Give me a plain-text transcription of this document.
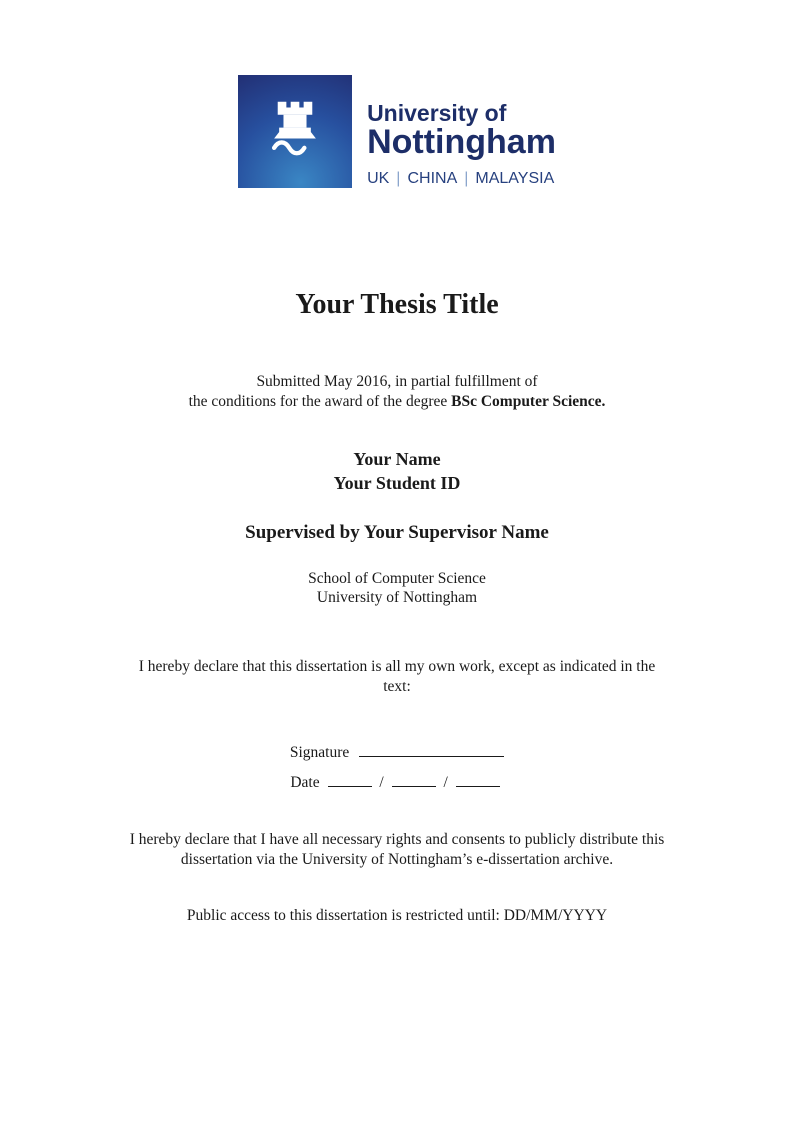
University of
Nottingham
UK | CHINA | MALAYSIA
Your Thesis Title
Submitted May 2016, in partial fulfillment of
the conditions for the award of the degree BSc Computer Science.
Your Name
Your Student ID
Supervised by Your Supervisor Name
School of Computer Science
University of Nottingham
I hereby declare that this dissertation is all my own work, except as indicated in the
text:
Signature
Date	/	/
I hereby declare that I have all necessary rights and consents to publicly distribute this
dissertation via the University of Nottingham’s e-dissertation archive.
Public access to this dissertation is restricted until: DD/MM/YYYY
